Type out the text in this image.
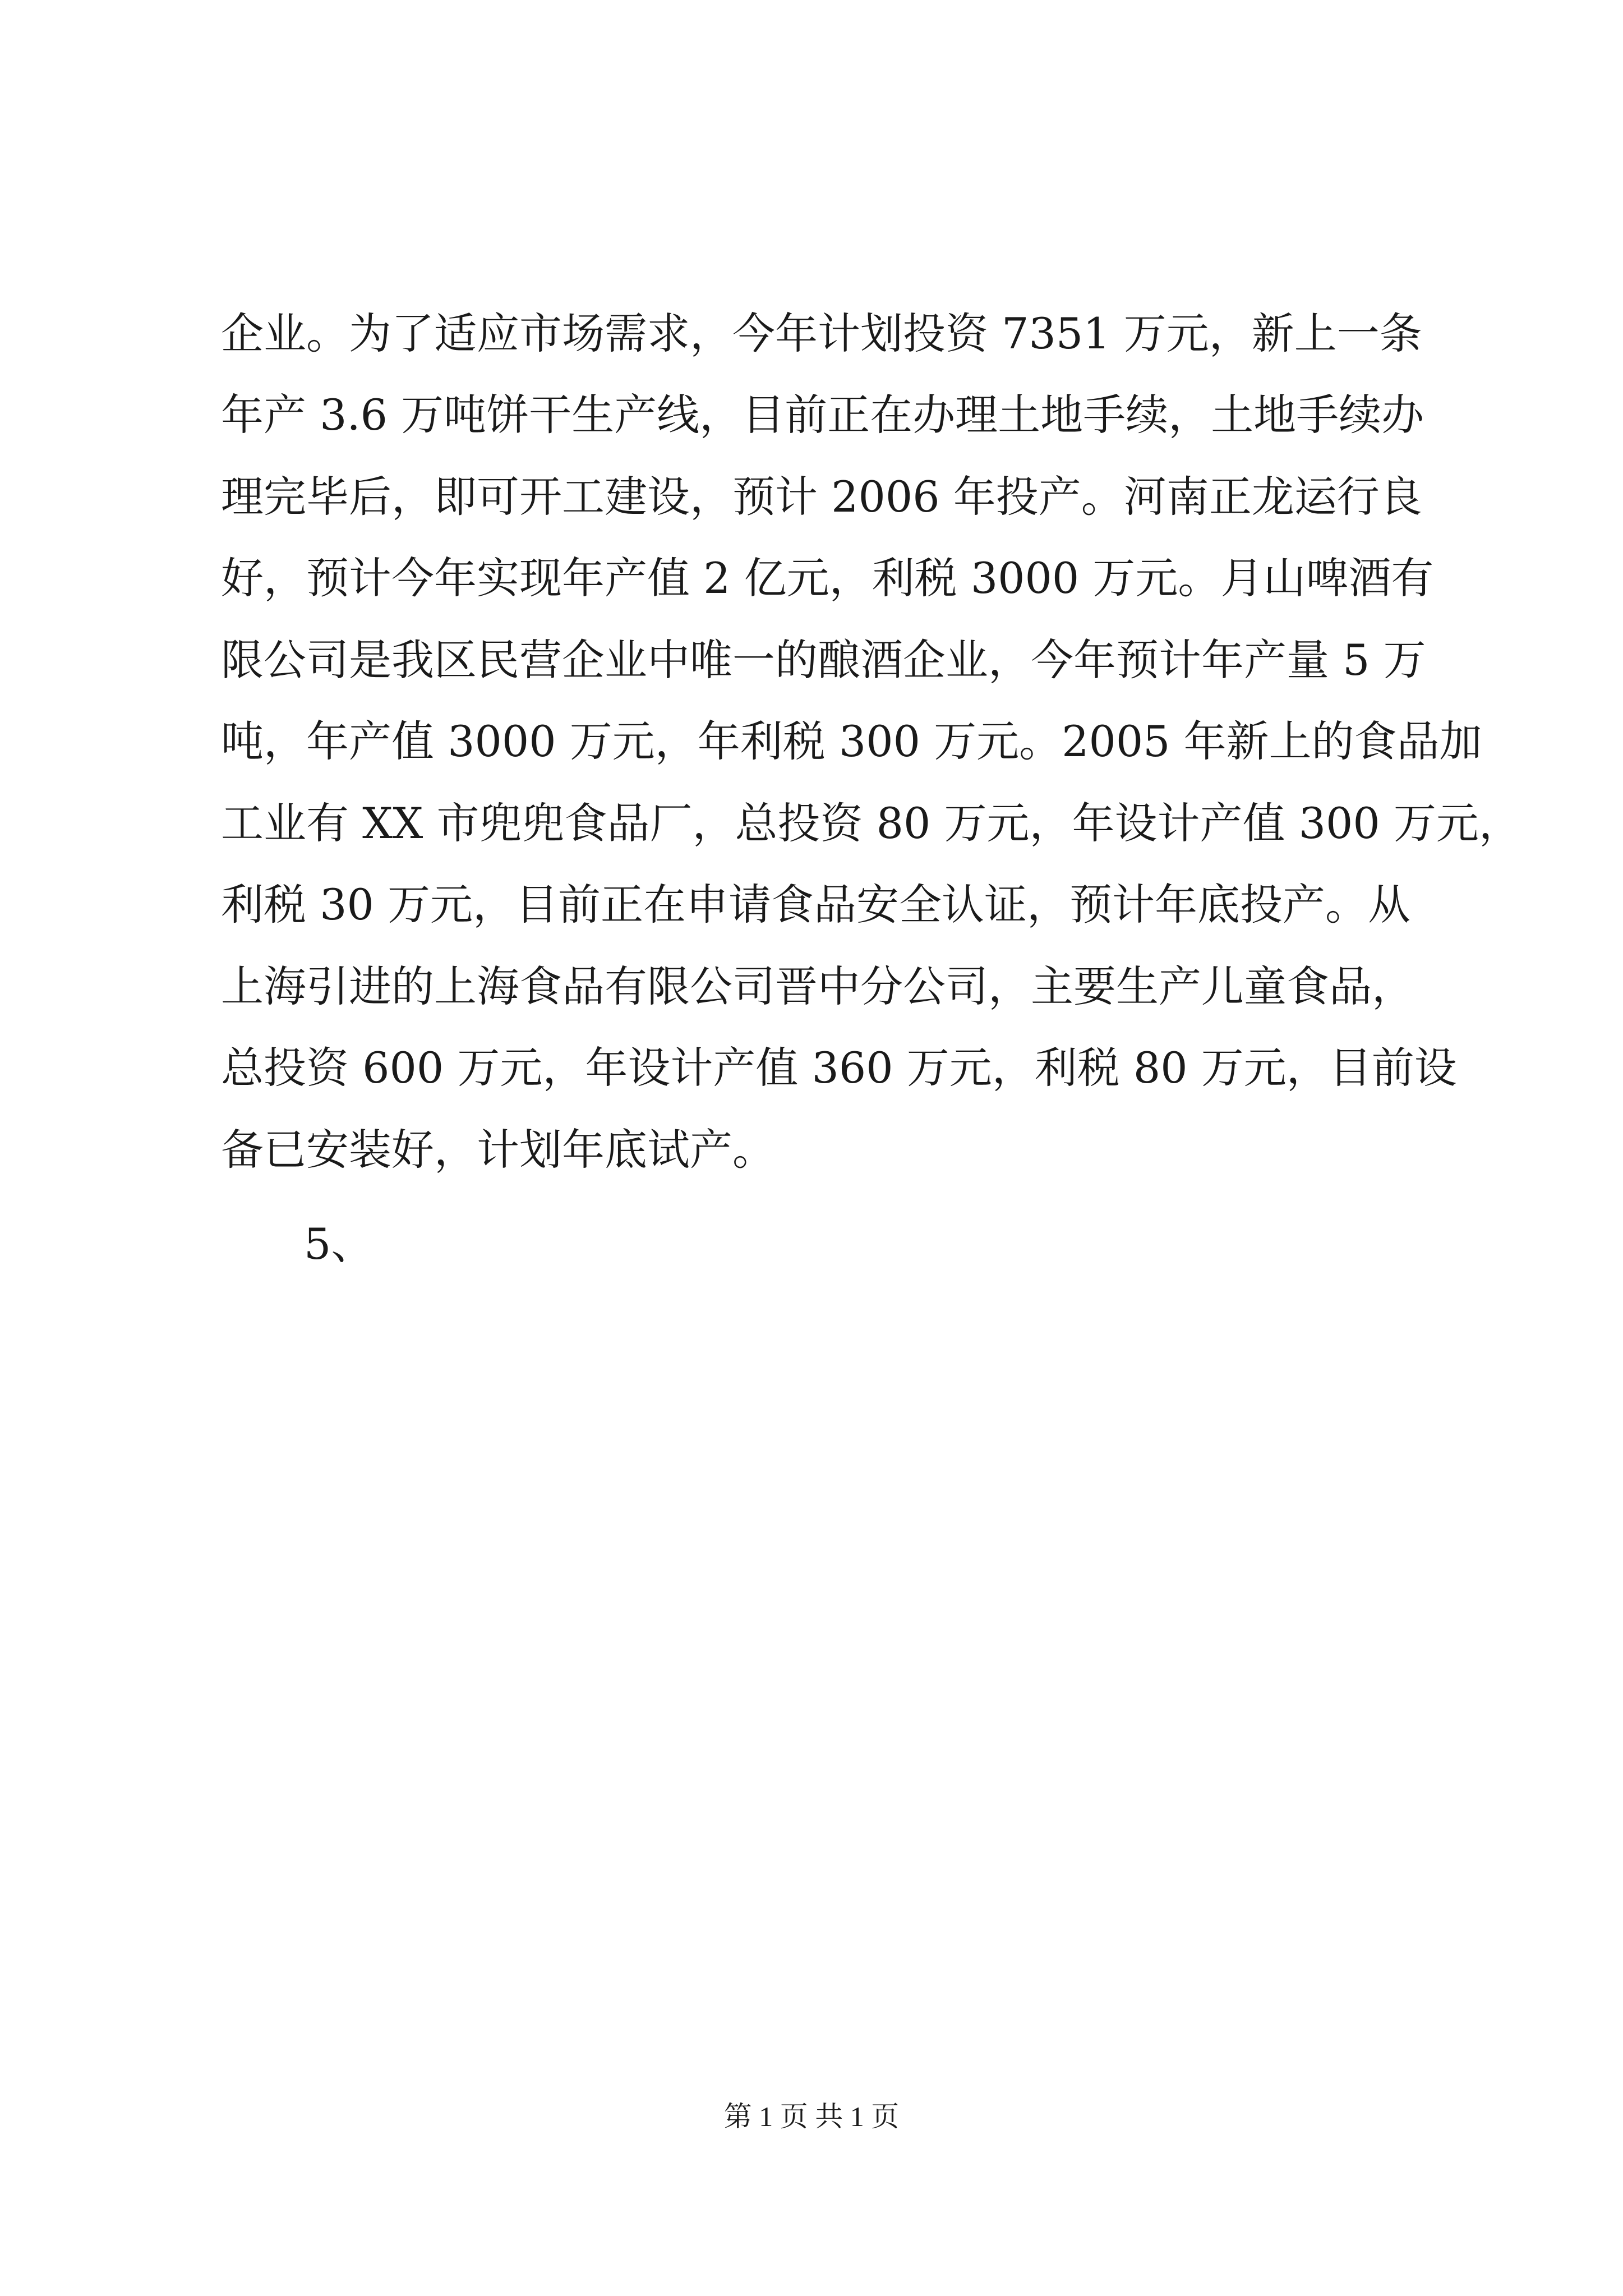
企业。为了适应市场需求，今年计划投资 7351 万元，新上一条

年产 3.6 万吨饼干生产线，目前正在办理土地手续，土地手续办

理完毕后，即可开工建设，预计 2006 年投产。河南正龙运行良

好，预计今年实现年产值 2 亿元，利税 3000 万元。月山啤酒有

限公司是我区民营企业中唯一的酿酒企业，今年预计年产量 5 万

吨，年产值 3000 万元，年利税 300 万元。2005 年新上的食品加

工业有 XX 市兜兜食品厂，总投资 80 万元，年设计产值 300 万元，

利税 30 万元，目前正在申请食品安全认证，预计年底投产。从

上海引进的上海食品有限公司晋中分公司，主要生产儿童食品，

总投资 600 万元，年设计产值 360 万元，利税 80 万元，目前设

备已安装好，计划年底试产。

5、

第 1 页 共 1 页
